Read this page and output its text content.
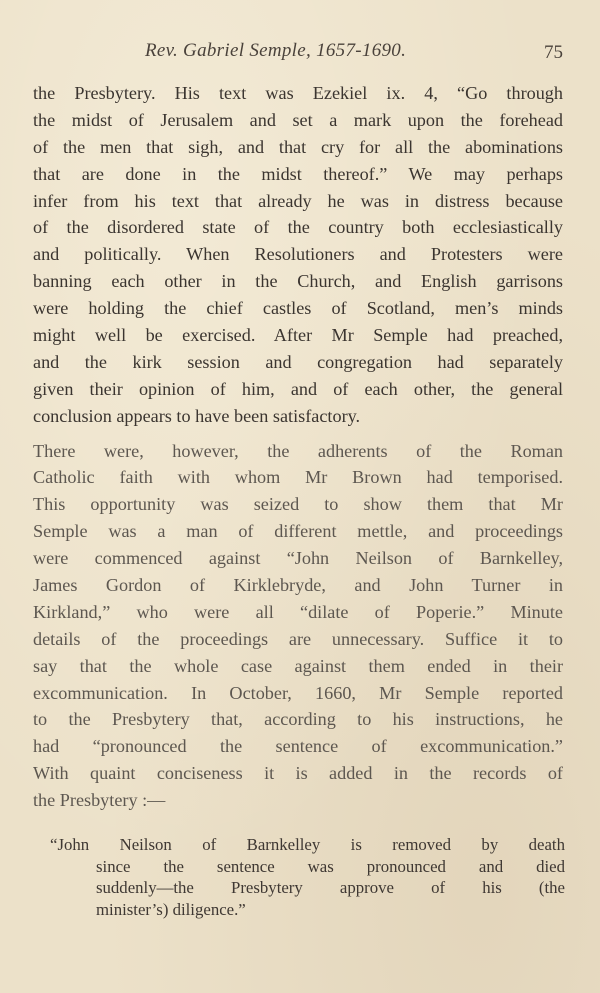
Rev. Gabriel Semple, 1657-1690.	75

the Presbytery. His text was Ezekiel ix. 4, “Go through
the midst of Jerusalem and set a mark upon the forehead
of the men that sigh, and that cry for all the abominations
that are done in the midst thereof.” We may perhaps
infer from his text that already he was in distress because
of the disordered state of the country both ecclesiastically
and politically. When Resolutioners and Protesters were
banning each other in the Church, and English garrisons
were holding the chief castles of Scotland, men’s minds
might well be exercised. After Mr Semple had preached,
and the kirk session and congregation had separately
given their opinion of him, and of each other, the general
conclusion appears to have been satisfactory.

There were, however, the adherents of the Roman
Catholic faith with whom Mr Brown had temporised.
This opportunity was seized to show them that Mr
Semple was a man of different mettle, and proceedings
were commenced against “John Neilson of Barnkelley,
James Gordon of Kirklebryde, and John Turner in
Kirkland,” who were all “dilate of Poperie.” Minute
details of the proceedings are unnecessary. Suffice it to
say that the whole case against them ended in their
excommunication. In October, 1660, Mr Semple reported
to the Presbytery that, according to his instructions, he
had “pronounced the sentence of excommunication.”
With quaint conciseness it is added in the records of
the Presbytery :—

“John Neilson of Barnkelley is removed by death
since the sentence was pronounced and died
suddenly—the Presbytery approve of his (the
minister’s) diligence.”
